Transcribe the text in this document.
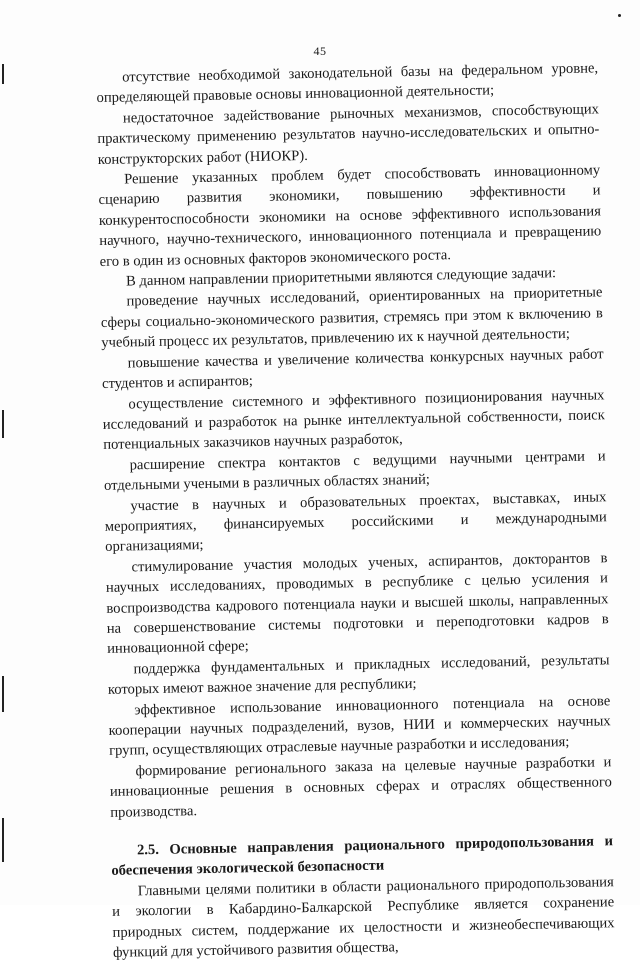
45

отсутствие необходимой законодательной базы на федеральном уровне, определяющей правовые основы инновационной деятельности;

недостаточное задействование рыночных механизмов, способствующих практическому применению результатов научно-исследовательских и опытно-конструкторских работ (НИОКР).

Решение указанных проблем будет способствовать инновационному сценарию развития экономики, повышению эффективности и конкурентоспособности экономики на основе эффективного использования научного, научно-технического, инновационного потенциала и превращению его в один из основных факторов экономического роста.

В данном направлении приоритетными являются следующие задачи:

проведение научных исследований, ориентированных на приоритетные сферы социально-экономического развития, стремясь при этом к включению в учебный процесс их результатов, привлечению их к научной деятельности;

повышение качества и увеличение количества конкурсных научных работ студентов и аспирантов;

осуществление системного и эффективного позиционирования научных исследований и разработок на рынке интеллектуальной собственности, поиск потенциальных заказчиков научных разработок,

расширение спектра контактов с ведущими научными центрами и отдельными учеными в различных областях знаний;

участие в научных и образовательных проектах, выставках, иных мероприятиях, финансируемых российскими и международными организациями;

стимулирование участия молодых ученых, аспирантов, докторантов в научных исследованиях, проводимых в республике с целью усиления и воспроизводства кадрового потенциала науки и высшей школы, направленных на совершенствование системы подготовки и переподготовки кадров в инновационной сфере;

поддержка фундаментальных и прикладных исследований, результаты которых имеют важное значение для республики;

эффективное использование инновационного потенциала на основе кооперации научных подразделений, вузов, НИИ и коммерческих научных групп, осуществляющих отраслевые научные разработки и исследования;

формирование регионального заказа на целевые научные разработки и инновационные решения в основных сферах и отраслях общественного производства.

2.5. Основные направления рационального природопользования и обеспечения экологической безопасности

Главными целями политики в области рационального природопользования и экологии в Кабардино-Балкарской Республике является сохранение природных систем, поддержание их целостности и жизнеобеспечивающих функций для устойчивого развития общества,
